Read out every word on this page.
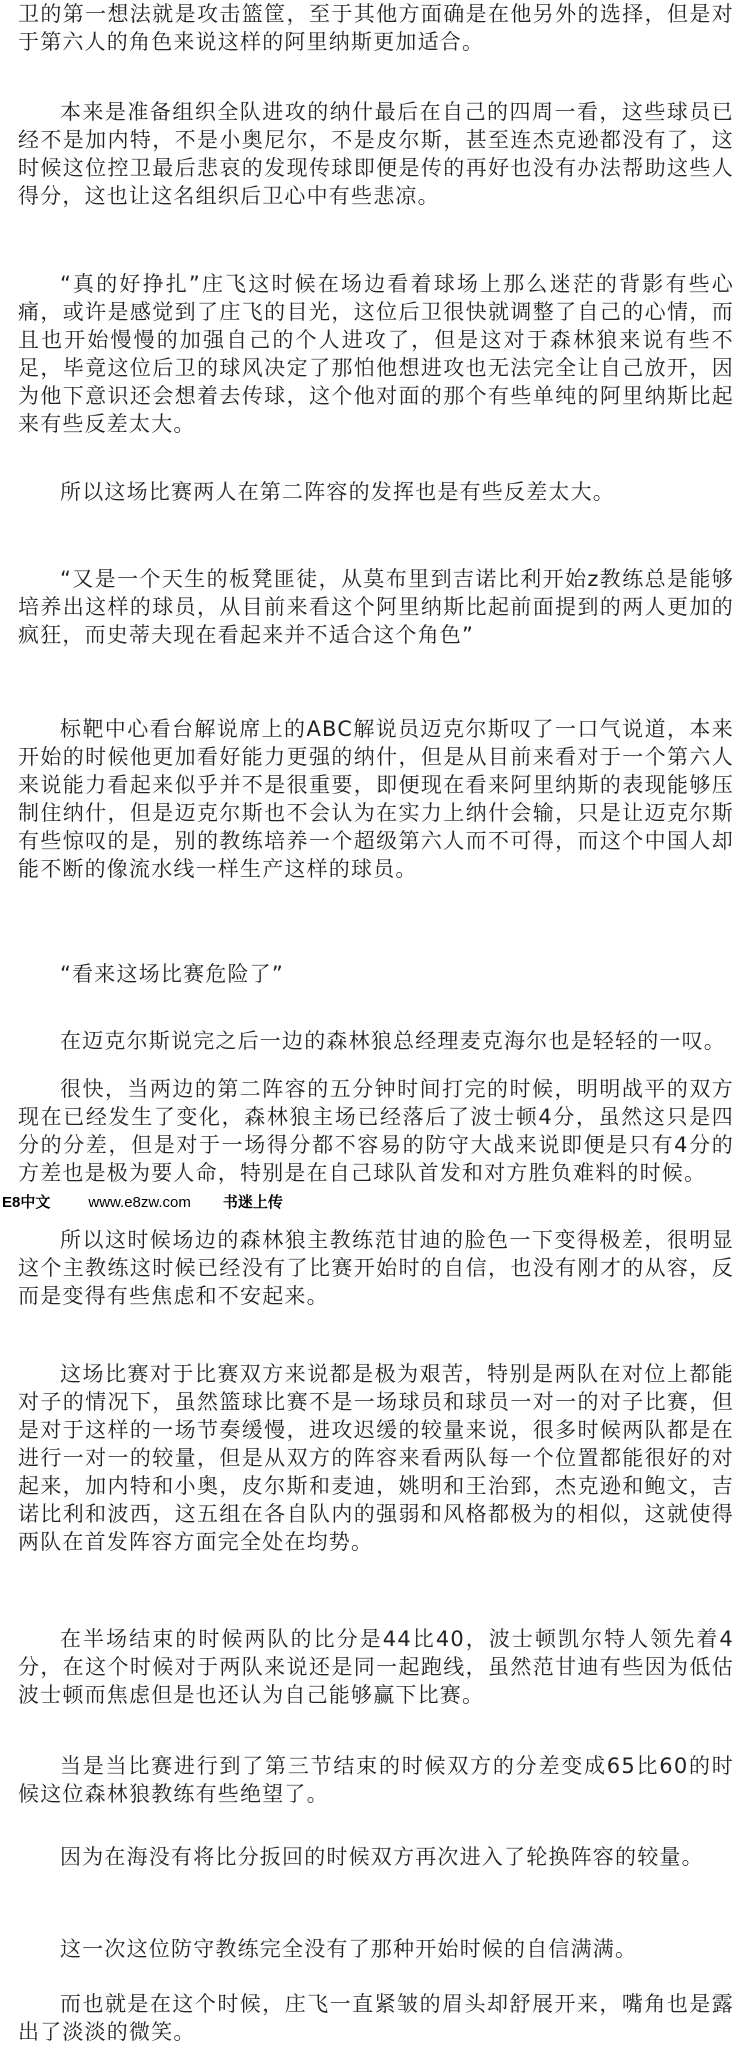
卫的第一想法就是攻击篮筐，至于其他方面确是在他另外的选择，但是对于第六人的角色来说这样的阿里纳斯更加适合。

本来是准备组织全队进攻的纳什最后在自己的四周一看，这些球员已经不是加内特，不是小奥尼尔，不是皮尔斯，甚至连杰克逊都没有了，这时候这位控卫最后悲哀的发现传球即便是传的再好也没有办法帮助这些人得分，这也让这名组织后卫心中有些悲凉。

“真的好挣扎”庄飞这时候在场边看着球场上那么迷茫的背影有些心痛，或许是感觉到了庄飞的目光，这位后卫很快就调整了自己的心情，而且也开始慢慢的加强自己的个人进攻了，但是这对于森林狼来说有些不足，毕竟这位后卫的球风决定了那怕他想进攻也无法完全让自己放开，因为他下意识还会想着去传球，这个他对面的那个有些单纯的阿里纳斯比起来有些反差太大。

所以这场比赛两人在第二阵容的发挥也是有些反差太大。

“又是一个天生的板凳匪徒，从莫布里到吉诺比利开始z教练总是能够培养出这样的球员，从目前来看这个阿里纳斯比起前面提到的两人更加的疯狂，而史蒂夫现在看起来并不适合这个角色”

标靶中心看台解说席上的ABC解说员迈克尔斯叹了一口气说道，本来开始的时候他更加看好能力更强的纳什，但是从目前来看对于一个第六人来说能力看起来似乎并不是很重要，即便现在看来阿里纳斯的表现能够压制住纳什，但是迈克尔斯也不会认为在实力上纳什会输，只是让迈克尔斯有些惊叹的是，别的教练培养一个超级第六人而不可得，而这个中国人却能不断的像流水线一样生产这样的球员。

“看来这场比赛危险了”

在迈克尔斯说完之后一边的森林狼总经理麦克海尔也是轻轻的一叹。

很快，当两边的第二阵容的五分钟时间打完的时候，明明战平的双方现在已经发生了变化，森林狼主场已经落后了波士顿4分，虽然这只是四分的分差，但是对于一场得分都不容易的防守大战来说即便是只有4分的方差也是极为要人命，特别是在自己球队首发和对方胜负难料的时候。

E8中文	www.e8zw.com 书迷上传

所以这时候场边的森林狼主教练范甘迪的脸色一下变得极差，很明显这个主教练这时候已经没有了比赛开始时的自信，也没有刚才的从容，反而是变得有些焦虑和不安起来。

这场比赛对于比赛双方来说都是极为艰苦，特别是两队在对位上都能对子的情况下，虽然篮球比赛不是一场球员和球员一对一的对子比赛，但是对于这样的一场节奏缓慢，进攻迟缓的较量来说，很多时候两队都是在进行一对一的较量，但是从双方的阵容来看两队每一个位置都能很好的对起来，加内特和小奥，皮尔斯和麦迪，姚明和王治郅，杰克逊和鲍文，吉诺比利和波西，这五组在各自队内的强弱和风格都极为的相似，这就使得两队在首发阵容方面完全处在均势。

在半场结束的时候两队的比分是44比40，波士顿凯尔特人领先着4分，在这个时候对于两队来说还是同一起跑线，虽然范甘迪有些因为低估波士顿而焦虑但是也还认为自己能够赢下比赛。

当是当比赛进行到了第三节结束的时候双方的分差变成65比60的时候这位森林狼教练有些绝望了。

因为在海没有将比分扳回的时候双方再次进入了轮换阵容的较量。

这一次这位防守教练完全没有了那种开始时候的自信满满。

而也就是在这个时候，庄飞一直紧皱的眉头却舒展开来，嘴角也是露出了淡淡的微笑。
